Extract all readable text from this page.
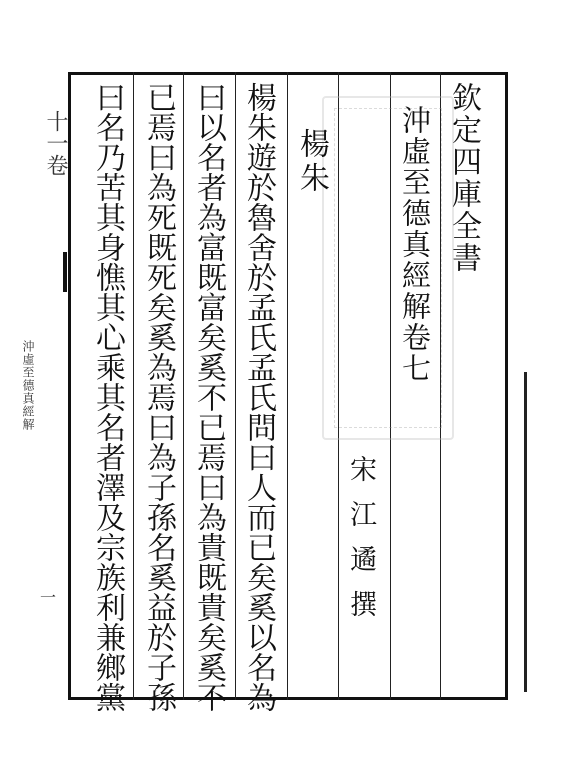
十一卷
沖虛至德真經解
一
欽定四庫全書
沖虛至德真經解卷七
宋江遹撰
楊朱
楊朱遊於魯舍於孟氏孟氏問曰人而已矣奚以名為
曰以名者為富既富矣奚不已焉曰為貴既貴矣奚不
已焉曰為死既死矣奚為焉曰為子孫名奚益於子孫
曰名乃苦其身憔其心乘其名者澤及宗族利兼鄉黨
